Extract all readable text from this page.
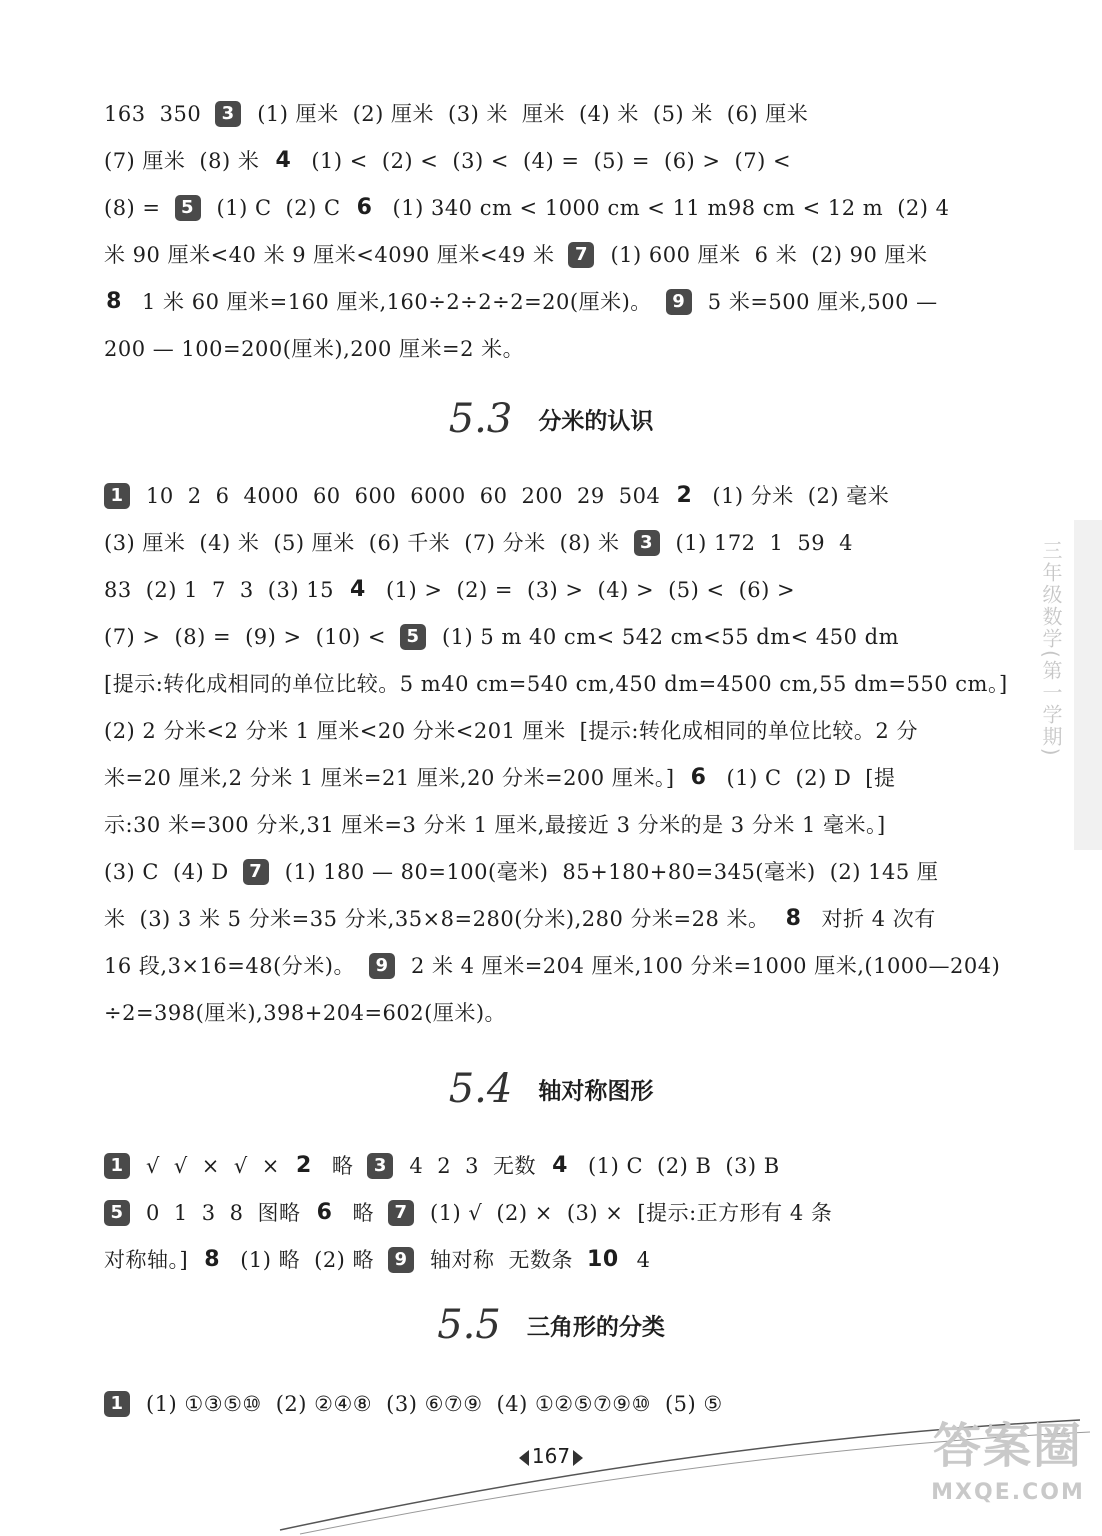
163 350 3 (1) 厘米 (2) 厘米 (3) 米 厘米 (4) 米 (5) 米 (6) 厘米
(7) 厘米 (8) 米 4 (1) < (2) < (3) < (4) = (5) = (6) > (7) <
(8) = 5 (1) C (2) C 6 (1) 340 cm < 1000 cm < 11 m98 cm < 12 m (2) 4
米 90 厘米<40 米 9 厘米<4090 厘米<49 米 7 (1) 600 厘米 6 米 (2) 90 厘米
8 1 米 60 厘米=160 厘米,160÷2÷2÷2=20(厘米)。 9 5 米=500 厘米,500 —
200 — 100=200(厘米),200 厘米=2 米。
5.3 分米的认识
1 10 2 6 4000 60 600 6000 60 200 29 504 2 (1) 分米 (2) 毫米
(3) 厘米 (4) 米 (5) 厘米 (6) 千米 (7) 分米 (8) 米 3 (1) 172 1 59 4
83 (2) 1 7 3 (3) 15 4 (1) > (2) = (3) > (4) > (5) < (6) >
(7) > (8) = (9) > (10) < 5 (1) 5 m 40 cm< 542 cm<55 dm< 450 dm
[提示:转化成相同的单位比较。5 m40 cm=540 cm,450 dm=4500 cm,55 dm=550 cm。]
(2) 2 分米<2 分米 1 厘米<20 分米<201 厘米 [提示:转化成相同的单位比较。2 分
米=20 厘米,2 分米 1 厘米=21 厘米,20 分米=200 厘米。] 6 (1) C (2) D [提
示:30 米=300 分米,31 厘米=3 分米 1 厘米,最接近 3 分米的是 3 分米 1 毫米。]
(3) C (4) D 7 (1) 180 — 80=100(毫米) 85+180+80=345(毫米) (2) 145 厘
米 (3) 3 米 5 分米=35 分米,35×8=280(分米),280 分米=28 米。 8 对折 4 次有
16 段,3×16=48(分米)。 9 2 米 4 厘米=204 厘米,100 分米=1000 厘米,(1000—204)
÷2=398(厘米),398+204=602(厘米)。
5.4 轴对称图形
1 √ √ × √ × 2 略 3 4 2 3 无数 4 (1) C (2) B (3) B
5 0 1 3 8 图略 6 略 7 (1) √ (2) × (3) × [提示:正方形有 4 条
对称轴。] 8 (1) 略 (2) 略 9 轴对称 无数条 10 4
5.5 三角形的分类
1 (1) ①③⑤⑩ (2) ②④⑧ (3) ⑥⑦⑨ (4) ①②⑤⑦⑨⑩ (5) ⑤
三年级数学(第一学期)
167	答案圈
MXQE.COM
